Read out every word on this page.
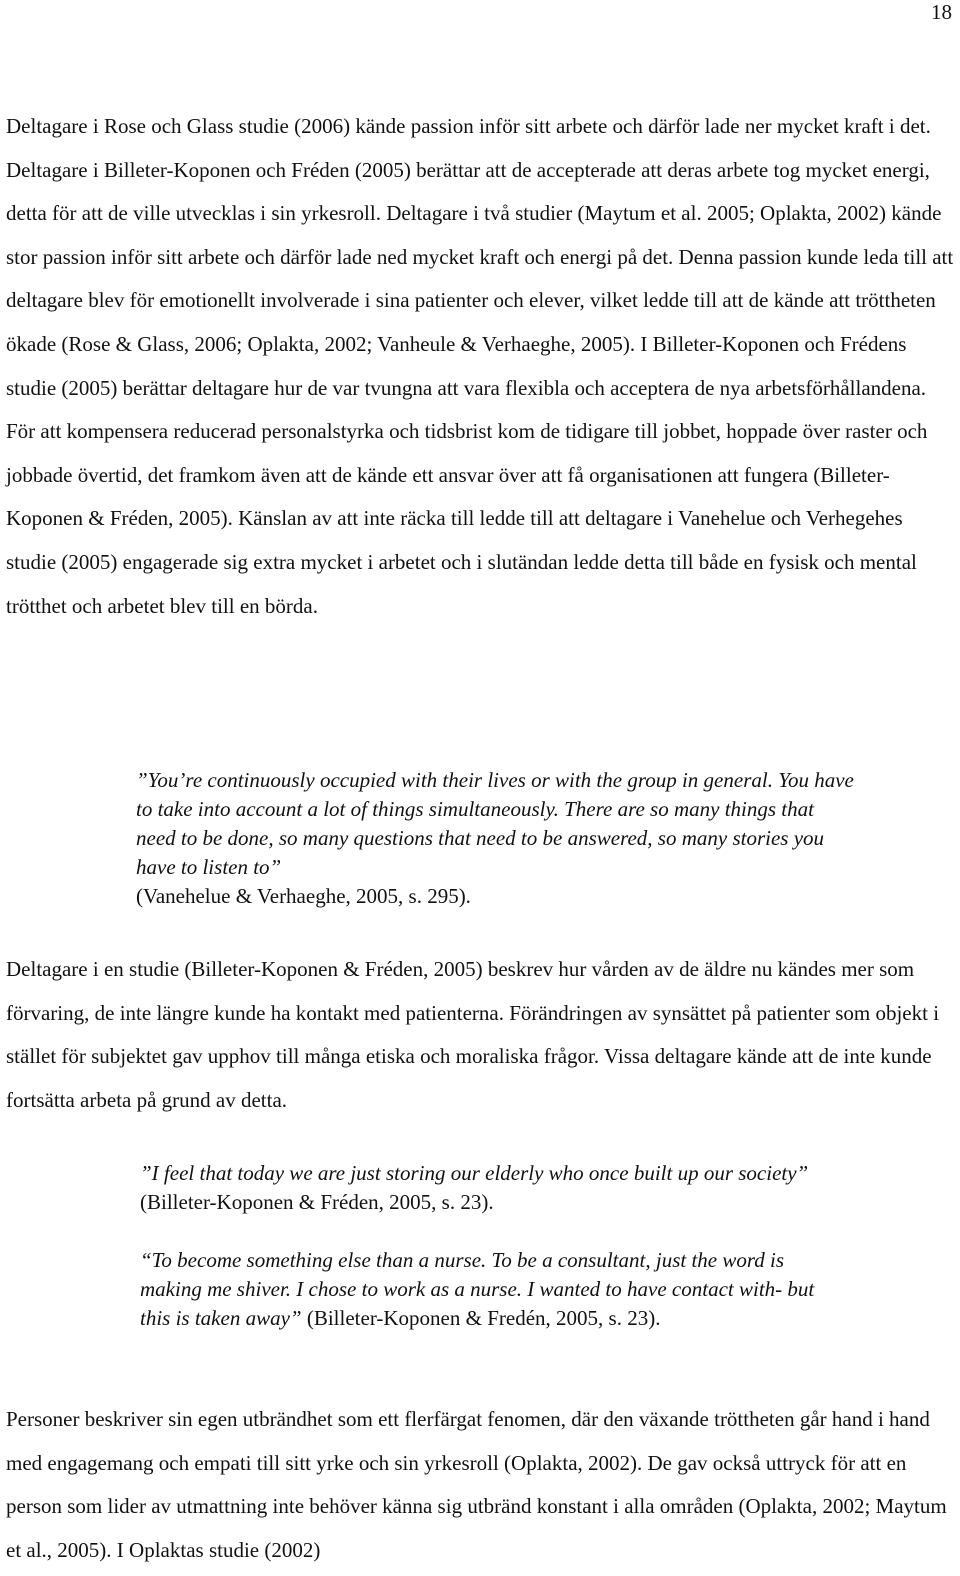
18

Deltagare i Rose och Glass studie (2006) kände passion inför sitt arbete och därför lade ner mycket kraft i det. Deltagare i Billeter-Koponen och Fréden (2005) berättar att de accepterade att deras arbete tog mycket energi, detta för att de ville utvecklas i sin yrkesroll. Deltagare i två studier (Maytum et al. 2005; Oplakta, 2002) kände stor passion inför sitt arbete och därför lade ned mycket kraft och energi på det. Denna passion kunde leda till att deltagare blev för emotionellt involverade i sina patienter och elever, vilket ledde till att de kände att tröttheten ökade (Rose & Glass, 2006; Oplakta, 2002; Vanheule & Verhaeghe, 2005). I Billeter-Koponen och Frédens studie (2005) berättar deltagare hur de var tvungna att vara flexibla och acceptera de nya arbetsförhållandena. För att kompensera reducerad personalstyrka och tidsbrist kom de tidigare till jobbet, hoppade över raster och jobbade övertid, det framkom även att de kände ett ansvar över att få organisationen att fungera (Billeter-Koponen & Fréden, 2005). Känslan av att inte räcka till ledde till att deltagare i Vanehelue och Verhegehes studie (2005) engagerade sig extra mycket i arbetet och i slutändan ledde detta till både en fysisk och mental trötthet och arbetet blev till en börda.

”You’re continuously occupied with their lives or with the group in general. You have to take into account a lot of things simultaneously. There are so many things that need to be done, so many questions that need to be answered, so many stories you have to listen to”
(Vanehelue & Verhaeghe, 2005, s. 295).

Deltagare i en studie (Billeter-Koponen & Fréden, 2005) beskrev hur vården av de äldre nu kändes mer som förvaring, de inte längre kunde ha kontakt med patienterna. Förändringen av synsättet på patienter som objekt i stället för subjektet gav upphov till många etiska och moraliska frågor. Vissa deltagare kände att de inte kunde fortsätta arbeta på grund av detta.

”I feel that today we are just storing our elderly who once built up our society” (Billeter-Koponen & Fréden, 2005, s. 23).

“To become something else than a nurse. To be a consultant, just the word is making me shiver. I chose to work as a nurse. I wanted to have contact with- but this is taken away” (Billeter-Koponen & Fredén, 2005, s. 23).

Personer beskriver sin egen utbrändhet som ett flerfärgat fenomen, där den växande tröttheten går hand i hand med engagemang och empati till sitt yrke och sin yrkesroll (Oplakta, 2002). De gav också uttryck för att en person som lider av utmattning inte behöver känna sig utbränd konstant i alla områden (Oplakta, 2002; Maytum et al., 2005). I Oplaktas studie (2002)
